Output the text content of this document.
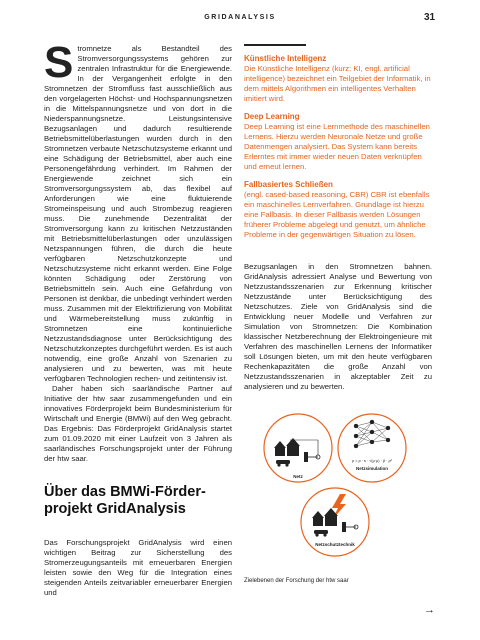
GRIDANALYSIS	31

Stromnetze als Bestandteil des Stromversorgungssystems gehören zur zentralen Infrastruktur für die Energiewende. In der Vergangenheit erfolgte in den Stromnetzen der Stromfluss fast ausschließlich aus den vorgelagerten Höchst- und Hochspannungsnetzen in die Mittelspannungsnetze und von dort in die Niederspannungsnetze. Leistungsintensive Bezugsanlagen und dadurch resultierende Betriebsmittelüberlastungen wurden durch in den Stromnetzen verbaute Netzschutzsysteme erkannt und eine Schädigung der Betriebsmittel, aber auch eine Personengefährdung verhindert. Im Rahmen der Energiewende zeichnet sich ein Stromversorgungssystem ab, das flexibel auf Anforderungen wie eine fluktuierende Stromeinspeisung und auch Strombezug reagieren muss. Die zunehmende Dezentralität der Stromversorgung kann zu kritischen Netzzuständen mit Betriebsmittelüberlastungen oder unzulässigen Netzspannungen führen, die durch die heute verfügbaren Netzschutzkonzepte und Netzschutzsysteme nicht erkannt werden. Eine Folge könnten Schädigung oder Zerstörung von Betriebsmitteln sein. Auch eine Gefährdung von Personen ist denkbar, die unbedingt verhindert werden muss. Zusammen mit der Elektrifizierung von Mobilität und Wärmebereitstellung muss zukünftig in Stromnetzen eine kontinuierliche Netzzustandsdiagnose unter Berücksichtigung des Netzschutzkonzeptes durchgeführt werden. Es ist auch notwendig, eine große Anzahl von Szenarien zu analysieren und zu bewerten, was mit heute verfügbaren Technologien rechen- und zeitintensiv ist.

Daher haben sich saarländische Partner auf Initiative der htw saar zusammengefunden und ein innovatives Förderprojekt beim Bundesministerium für Wirtschaft und Energie (BMWi) auf den Weg gebracht. Das Ergebnis: Das Förderprojekt GridAnalysis startet zum 01.09.2020 mit einer Laufzeit von 3 Jahren als saarländisches Forschungsprojekt unter der Führung der htw saar.

Über das BMWi-Förder-projekt GridAnalysis

Das Forschungsprojekt GridAnalysis wird einen wichtigen Beitrag zur Sicherstellung des Stromerzeugungsanteils mit erneuerbaren Energien leisten sowie den Weg für die Integration eines steigenden Anteils zeitvariabler erneuerbarer Energien und

Künstliche Intelligenz
Die Künstliche Intelligenz (kurz: KI, engl. artificial intelligence) bezeichnet ein Teilgebiet der Informatik, in dem mittels Algorithmen ein intelligentes Verhalten imitiert wird.
Deep Learning
Deep Learning ist eine Lernmethode des maschinellen Lernens. Hierzu werden Neuronale Netze und große Datenmengen analysiert. Das System kann bereits Erlerntes mit immer wieder neuen Daten verknüpfen und erneut lernen.
Fallbasiertes Schließen
(engl. cased-based reasoning, CBR) CBR ist ebenfalls ein maschinelles Lernverfahren. Grundlage ist hierzu eine Fallbasis. In dieser Fallbasis werden Lösungen früherer Probleme abgelegt und genutzt, um ähnliche Probleme in der gegenwärtigen Situation zu lösen.

Bezugsanlagen in den Stromnetzen bahnen. GridAnalysis adressiert Analyse und Bewertung von Netzzustandsszenarien zur Erkennung kritischer Netzzustände unter Berücksichtigung des Netzschutzes. Ziele von GridAnalysis sind die Entwicklung neuer Modelle und Verfahren zur Simulation von Stromnetzen: Die Kombination klassischer Netzberechnung der Elektroingenieure mit Verfahren des maschinellen Lernens der Informatiker soll Lösungen bieten, um mit den heute verfügbaren Rechenkapazitäten die große Anzahl von Netzzustandsszenarien in akzeptabler Zeit zu analysieren und zu bewerten.

Netz
p = ρ · s · √(μ·μ) · β · ρ²
Netzsimulation
Netzschutztechnik
Zielebenen der Forschung der htw saar
→
